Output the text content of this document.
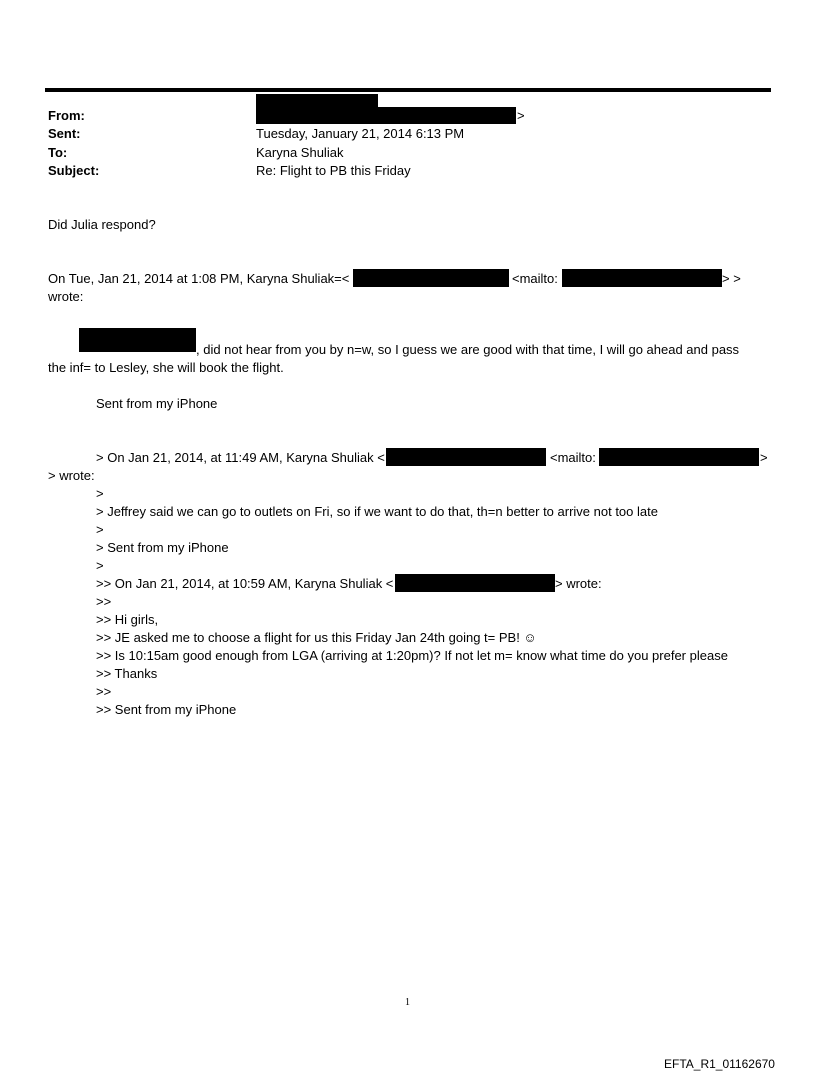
>
From:
Sent:	Tuesday, January 21, 2014 6:13 PM
To:	Karyna Shuliak
Subject:	Re: Flight to PB this Friday
Did Julia respond?
On Tue, Jan 21, 2014 at 1:08 PM, Karyna Shuliak=<	<mailto:	> >
wrote:
, did not hear from you by n=w, so I guess we are good with that time, I will go ahead and pass
the inf= to Lesley, she will book the flight.
Sent from my iPhone
> On Jan 21, 2014, at 11:49 AM, Karyna Shuliak <	<mailto:	>
> wrote:
>
> Jeffrey said we can go to outlets on Fri, so if we want to do that, th=n better to arrive not too late
>
> Sent from my iPhone
>
>> On Jan 21, 2014, at 10:59 AM, Karyna Shuliak <	> wrote:
>>
>> Hi girls,
>> JE asked me to choose a flight for us this Friday Jan 24th going t= PB! ☺
>> Is 10:15am good enough from LGA (arriving at 1:20pm)? If not let m= know what time do you prefer please
>> Thanks
>>
>> Sent from my iPhone
1
EFTA_R1_01162670
